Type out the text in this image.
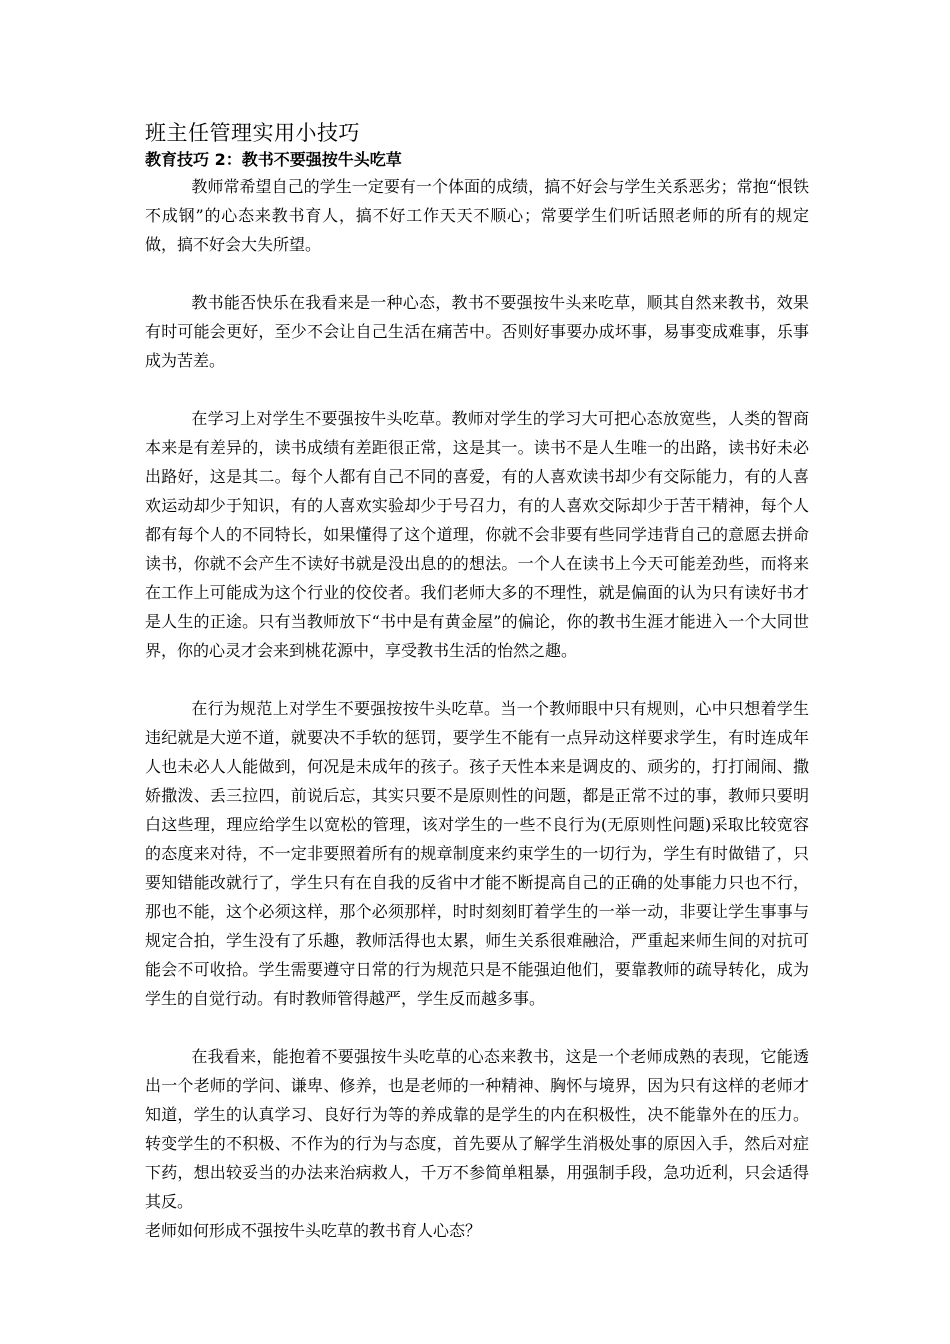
班主任管理实用小技巧
教育技巧 2：教书不要强按牛头吃草

教师常希望自己的学生一定要有一个体面的成绩，搞不好会与学生关系恶劣；常抱“恨铁不成钢”的心态来教书育人，搞不好工作天天不顺心；常要学生们听话照老师的所有的规定做，搞不好会大失所望。

教书能否快乐在我看来是一种心态，教书不要强按牛头来吃草，顺其自然来教书，效果有时可能会更好，至少不会让自己生活在痛苦中。否则好事要办成坏事，易事变成难事，乐事成为苦差。

在学习上对学生不要强按牛头吃草。教师对学生的学习大可把心态放宽些，人类的智商本来是有差异的，读书成绩有差距很正常，这是其一。读书不是人生唯一的出路，读书好未必出路好，这是其二。每个人都有自己不同的喜爱，有的人喜欢读书却少有交际能力，有的人喜欢运动却少于知识，有的人喜欢实验却少于号召力，有的人喜欢交际却少于苦干精神，每个人都有每个人的不同特长，如果懂得了这个道理，你就不会非要有些同学违背自己的意愿去拼命读书，你就不会产生不读好书就是没出息的的想法。一个人在读书上今天可能差劲些，而将来在工作上可能成为这个行业的佼佼者。我们老师大多的不理性，就是偏面的认为只有读好书才是人生的正途。只有当教师放下“书中是有黄金屋”的偏论，你的教书生涯才能进入一个大同世界，你的心灵才会来到桃花源中，享受教书生活的怡然之趣。

在行为规范上对学生不要强按按牛头吃草。当一个教师眼中只有规则，心中只想着学生违纪就是大逆不道，就要决不手软的惩罚，要学生不能有一点异动这样要求学生，有时连成年人也未必人人能做到，何况是未成年的孩子。孩子天性本来是调皮的、顽劣的，打打闹闹、撒娇撒泼、丢三拉四，前说后忘，其实只要不是原则性的问题，都是正常不过的事，教师只要明白这些理，理应给学生以宽松的管理，该对学生的一些不良行为(无原则性问题)采取比较宽容的态度来对待，不一定非要照着所有的规章制度来约束学生的一切行为，学生有时做错了，只要知错能改就行了，学生只有在自我的反省中才能不断提高自己的正确的处事能力只也不行，那也不能，这个必须这样，那个必须那样，时时刻刻盯着学生的一举一动，非要让学生事事与规定合拍，学生没有了乐趣，教师活得也太累，师生关系很难融洽，严重起来师生间的对抗可能会不可收拾。学生需要遵守日常的行为规范只是不能强迫他们，要靠教师的疏导转化，成为学生的自觉行动。有时教师管得越严，学生反而越多事。

在我看来，能抱着不要强按牛头吃草的心态来教书，这是一个老师成熟的表现，它能透出一个老师的学问、谦卑、修养，也是老师的一种精神、胸怀与境界，因为只有这样的老师才知道，学生的认真学习、良好行为等的养成靠的是学生的内在积极性，决不能靠外在的压力。转变学生的不积极、不作为的行为与态度，首先要从了解学生消极处事的原因入手，然后对症下药，想出较妥当的办法来治病救人，千万不参简单粗暴，用强制手段，急功近利，只会适得其反。

老师如何形成不强按牛头吃草的教书育人心态？
